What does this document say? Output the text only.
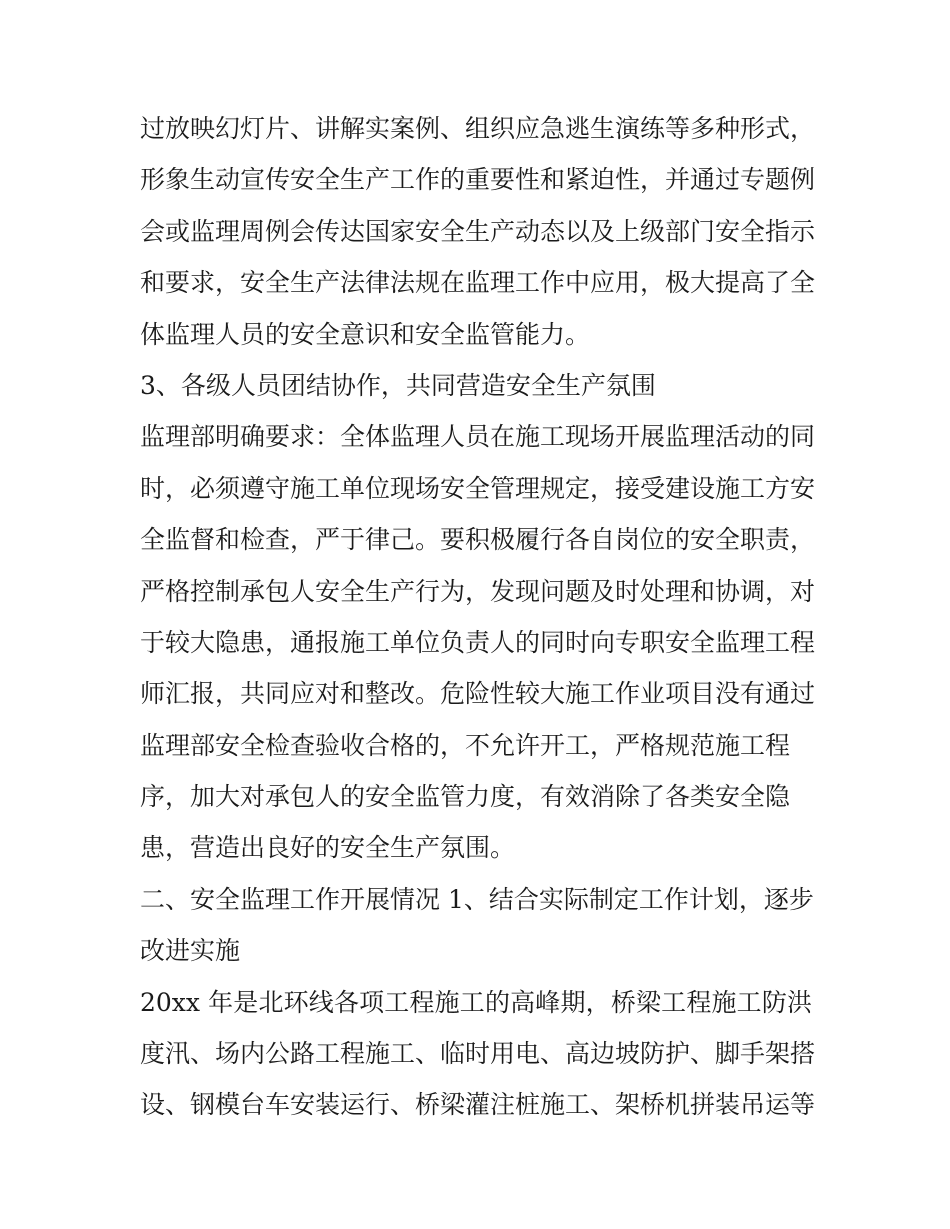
过放映幻灯片、讲解实案例、组织应急逃生演练等多种形式，
形象生动宣传安全生产工作的重要性和紧迫性，并通过专题例
会或监理周例会传达国家安全生产动态以及上级部门安全指示
和要求，安全生产法律法规在监理工作中应用，极大提高了全
体监理人员的安全意识和安全监管能力。
3、各级人员团结协作，共同营造安全生产氛围
监理部明确要求：全体监理人员在施工现场开展监理活动的同
时，必须遵守施工单位现场安全管理规定，接受建设施工方安
全监督和检查，严于律己。要积极履行各自岗位的安全职责，
严格控制承包人安全生产行为，发现问题及时处理和协调，对
于较大隐患，通报施工单位负责人的同时向专职安全监理工程
师汇报，共同应对和整改。危险性较大施工作业项目没有通过
监理部安全检查验收合格的，不允许开工，严格规范施工程
序，加大对承包人的安全监管力度，有效消除了各类安全隐
患，营造出良好的安全生产氛围。
二、安全监理工作开展情况 1、结合实际制定工作计划，逐步
改进实施
20xx 年是北环线各项工程施工的高峰期，桥梁工程施工防洪
度汛、场内公路工程施工、临时用电、高边坡防护、脚手架搭
设、钢模台车安装运行、桥梁灌注桩施工、架桥机拼装吊运等
